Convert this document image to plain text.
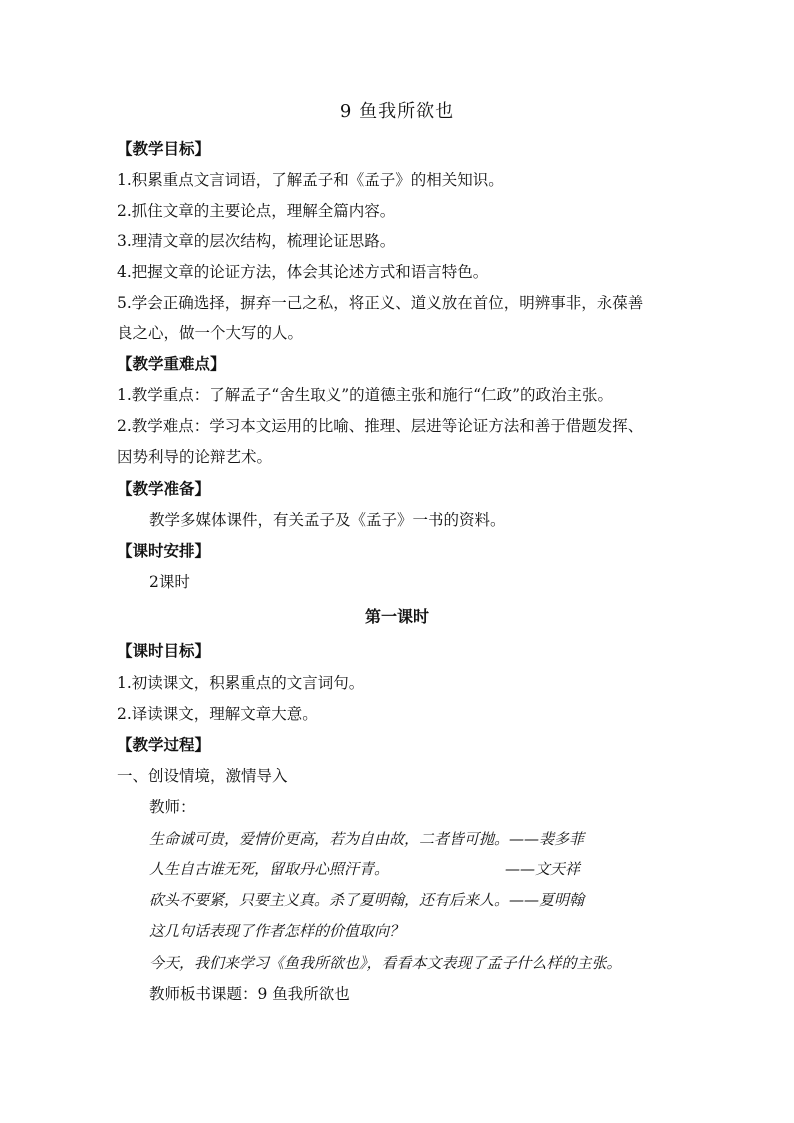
9 鱼我所欲也
【教学目标】
1.积累重点文言词语，了解孟子和《孟子》的相关知识。
2.抓住文章的主要论点，理解全篇内容。
3.理清文章的层次结构，梳理论证思路。
4.把握文章的论证方法，体会其论述方式和语言特色。
5.学会正确选择，摒弃一己之私，将正义、道义放在首位，明辨事非，永葆善
良之心，做一个大写的人。
【教学重难点】
1.教学重点：了解孟子“舍生取义”的道德主张和施行“仁政”的政治主张。
2.教学难点：学习本文运用的比喻、推理、层进等论证方法和善于借题发挥、
因势利导的论辩艺术。
【教学准备】
教学多媒体课件，有关孟子及《孟子》一书的资料。
【课时安排】
2课时
第一课时
【课时目标】
1.初读课文，积累重点的文言词句。
2.译读课文，理解文章大意。
【教学过程】
一、创设情境，激情导入
教师：
生命诚可贵，爱情价更高，若为自由故，二者皆可抛。——裴多菲
人生自古谁无死，留取丹心照汗青。	——文天祥
砍头不要紧，只要主义真。杀了夏明翰，还有后来人。——夏明翰
这几句话表现了作者怎样的价值取向？
今天，我们来学习《鱼我所欲也》，看看本文表现了孟子什么样的主张。
教师板书课题：9 鱼我所欲也
